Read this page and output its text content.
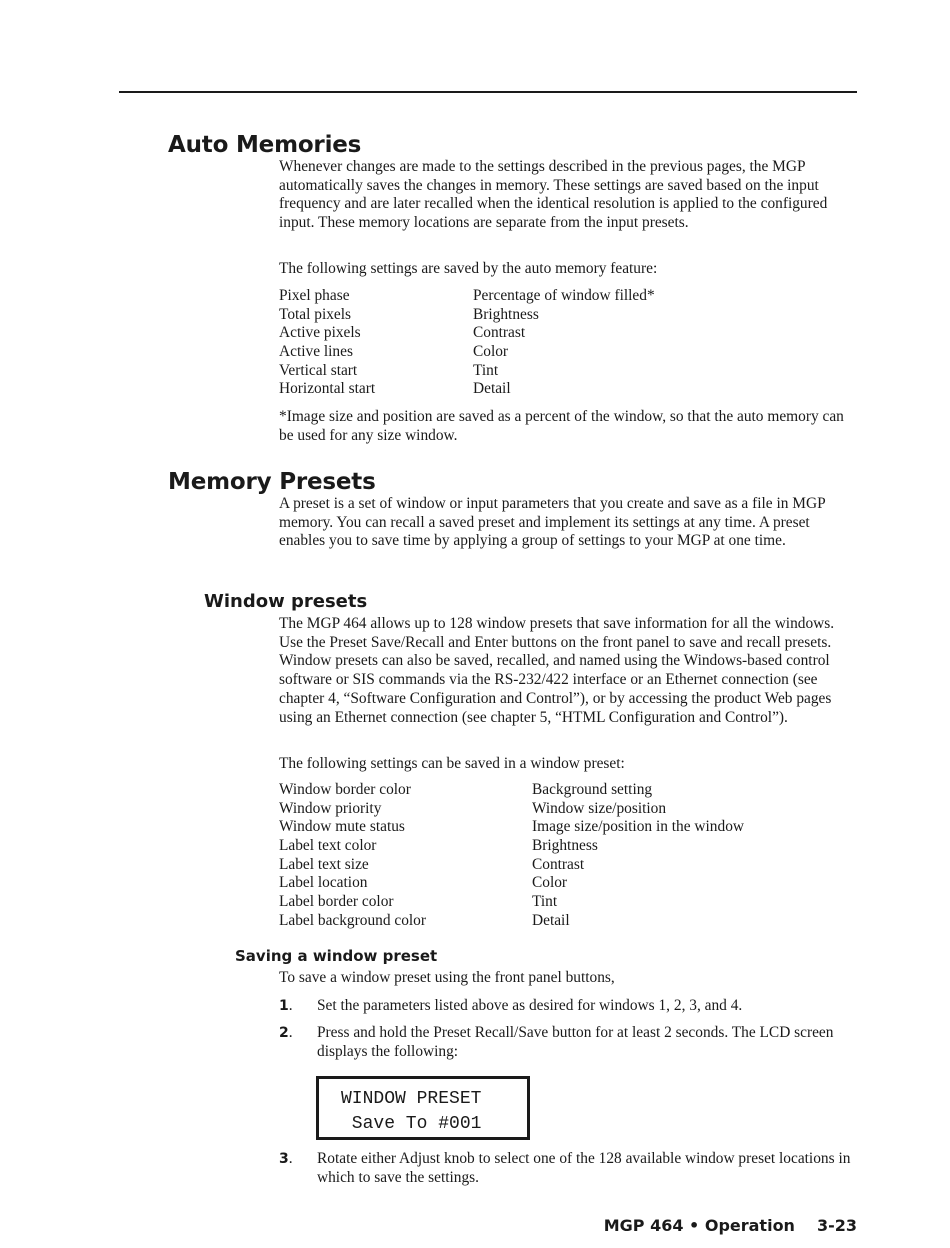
Auto Memories

Whenever changes are made to the settings described in the previous pages, the MGP automatically saves the changes in memory. These settings are saved based on the input frequency and are later recalled when the identical resolution is applied to the configured input. These memory locations are separate from the input presets.

The following settings are saved by the auto memory feature:

Pixel phase	Percentage of window filled*
Total pixels	Brightness
Active pixels	Contrast
Active lines	Color
Vertical start	Tint
Horizontal start	Detail

*Image size and position are saved as a percent of the window, so that the auto memory can be used for any size window.

Memory Presets

A preset is a set of window or input parameters that you create and save as a file in MGP memory. You can recall a saved preset and implement its settings at any time. A preset enables you to save time by applying a group of settings to your MGP at one time.

Window presets

The MGP 464 allows up to 128 window presets that save information for all the windows. Use the Preset Save/Recall and Enter buttons on the front panel to save and recall presets. Window presets can also be saved, recalled, and named using the Windows-based control software or SIS commands via the RS-232/422 interface or an Ethernet connection (see chapter 4, “Software Configuration and Control”), or by accessing the product Web pages using an Ethernet connection (see chapter 5, “HTML Configuration and Control”).

The following settings can be saved in a window preset:

Window border color	Background setting
Window priority	Window size/position
Window mute status	Image size/position in the window
Label text color	Brightness
Label text size	Contrast
Label location	Color
Label border color	Tint
Label background color	Detail
Saving a window preset

To save a window preset using the front panel buttons,

1. Set the parameters listed above as desired for windows 1, 2, 3, and 4.
2. Press and hold the Preset Recall/Save button for at least 2 seconds. The LCD screen displays the following:
WINDOW PRESET
Save To #001
3. Rotate either Adjust knob to select one of the 128 available window preset locations in which to save the settings.
MGP 464 • Operation 3-23
